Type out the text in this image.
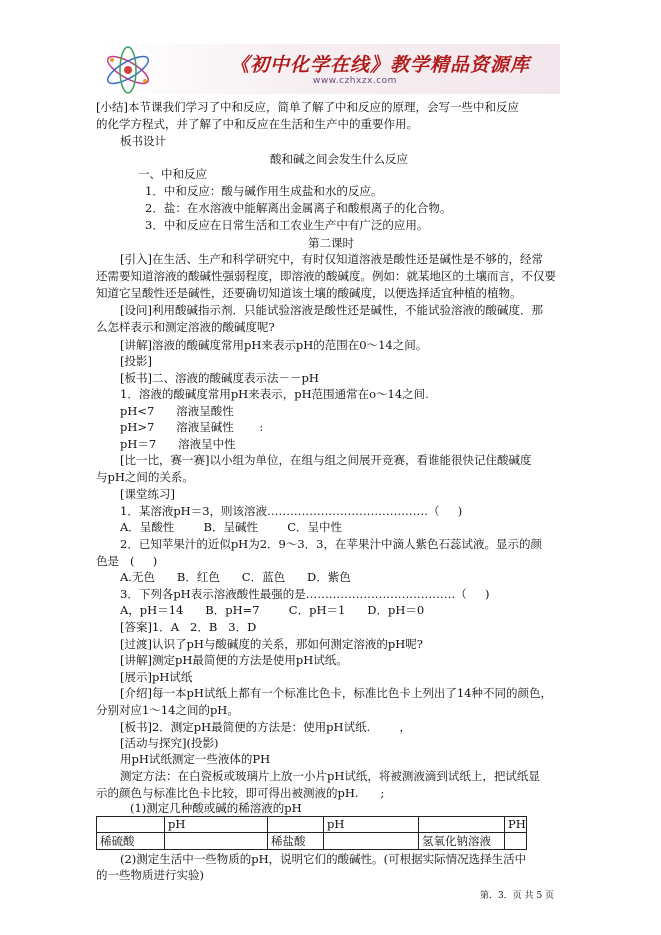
《初中化学在线》教学精品资源库
www.czhxzx.com
[小结]本节课我们学习了中和反应，简单了解了中和反应的原理，会写一些中和反应
的化学方程式，并了解了中和反应在生活和生产中的重要作用。
板书设计
酸和碱之间会发生什么反应
一、中和反应
1．中和反应：酸与碱作用生成盐和水的反应。
2．盐：在水溶液中能解离出金属离子和酸根离子的化合物。
3．中和反应在日常生活和工农业生产中有广泛的应用。
第二课时
[引入]在生活、生产和科学研究中，有时仅知道溶液是酸性还是碱性是不够的，经常
还需要知道溶液的酸碱性强弱程度，即溶液的酸碱度。例如：就某地区的土壤而言，不仅要
知道它呈酸性还是碱性，还要确切知道该土壤的酸碱度，以便选择适宜种植的植物。
[设问]利用酸碱指示剂．只能试验溶液是酸性还是碱性，不能试验溶液的酸碱度．那
么怎样表示和测定溶液的酸碱度呢?
[讲解]溶液的酸碱度常用pH来表示pH的范围在0～14之间。
[投影]
[板书]二、溶液的酸碱度表示法－－pH
1．溶液的酸碱度常用pH来表示，pH范围通常在o～14之间.
pH<7      溶液呈酸性
pH>7      溶液呈碱性       :
pH＝7      溶液呈中性
[比一比，赛一赛]以小组为单位，在组与组之间展开竞赛，看谁能很快记住酸碱度
与pH之间的关系。
[课堂练习]
1．某溶液pH＝3，则该溶液……………………………………（     )
A．呈酸性        B．呈碱性        C．呈中性
2．已知苹果汁的近似pH为2．9～3．3，在苹果汁中滴人紫色石蕊试液。显示的颜
色是   (     )
A.无色      B．红色      C．蓝色      D．紫色
3．下列各pH表示溶液酸性最强的是…………………………………（     )
A，pH＝14      B．pH=7        C．pH＝1      D．pH＝0
[答案]1．A   2．B   3．D
[过渡]认识了pH与酸碱度的关系，那如何测定溶液的pH呢?
[讲解]测定pH最简便的方法是使用pH试纸。
[展示]pH试纸
[介绍]每一本pH试纸上都有一个标准比色卡，标准比色卡上列出了14种不同的颜色，
分别对应1～14之间的pH。
[板书]2．测定pH最简便的方法是：使用pH试纸.        ，
[活动与探究](投影)
用pH试纸测定一些液体的PH
测定方法：在白瓷板或玻璃片上放一小片pH试纸，将被测液滴到试纸上，把试纸显
示的颜色与标准比色卡比较，即可得出被测液的pH.      ;
(1)测定几种酸或碱的稀溶液的pH
	pH		pH		PH
稀硫酸		稀盐酸		氢氧化钠溶液	
(2)测定生活中一些物质的pH，说明它们的酸碱性。(可根据实际情况选择生活中
的一些物质进行实验)
第．3．页 共 5 页
